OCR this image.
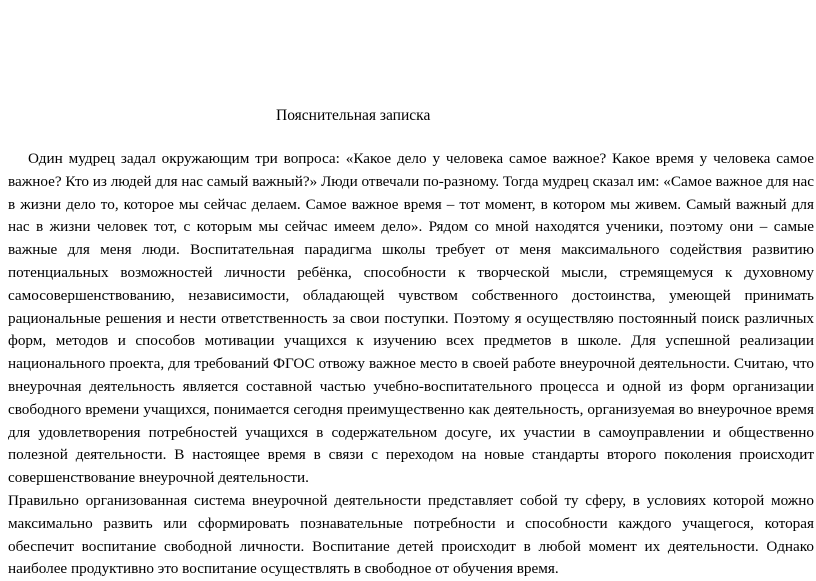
Пояснительная записка

Один мудрец задал окружающим три вопроса: «Какое дело у человека самое важное? Какое время у человека самое важное? Кто из людей для нас самый важный?» Люди отвечали по-разному. Тогда мудрец сказал им: «Самое важное для нас в жизни дело то, которое мы сейчас делаем. Самое важное время – тот момент, в котором мы живем. Самый важный для нас в жизни человек тот, с которым мы сейчас имеем дело». Рядом со мной находятся ученики, поэтому они – самые важные для меня люди. Воспитательная парадигма школы требует от меня максимального содействия развитию потенциальных возможностей личности ребёнка, способности к творческой мысли, стремящемуся к духовному самосовершенствованию, независимости, обладающей чувством собственного достоинства, умеющей принимать рациональные решения и нести ответственность за свои поступки. Поэтому я осуществляю постоянный поиск различных форм, методов и способов мотивации учащихся к изучению всех предметов в школе. Для успешной реализации национального проекта, для требований ФГОС отвожу важное место в своей работе внеурочной деятельности. Считаю, что внеурочная деятельность является составной частью учебно-воспитательного процесса и одной из форм организации свободного времени учащихся, понимается сегодня преимущественно как деятельность, организуемая во внеурочное время для удовлетворения потребностей учащихся в содержательном досуге, их участии в самоуправлении и общественно полезной деятельности. В настоящее время в связи с переходом на новые стандарты второго поколения происходит совершенствование внеурочной деятельности.

Правильно организованная система внеурочной деятельности представляет собой ту сферу, в условиях которой можно максимально развить или сформировать познавательные потребности и способности каждого учащегося, которая обеспечит воспитание свободной личности. Воспитание детей происходит в любой момент их деятельности. Однако наиболее продуктивно это воспитание осуществлять в свободное от обучения время.
